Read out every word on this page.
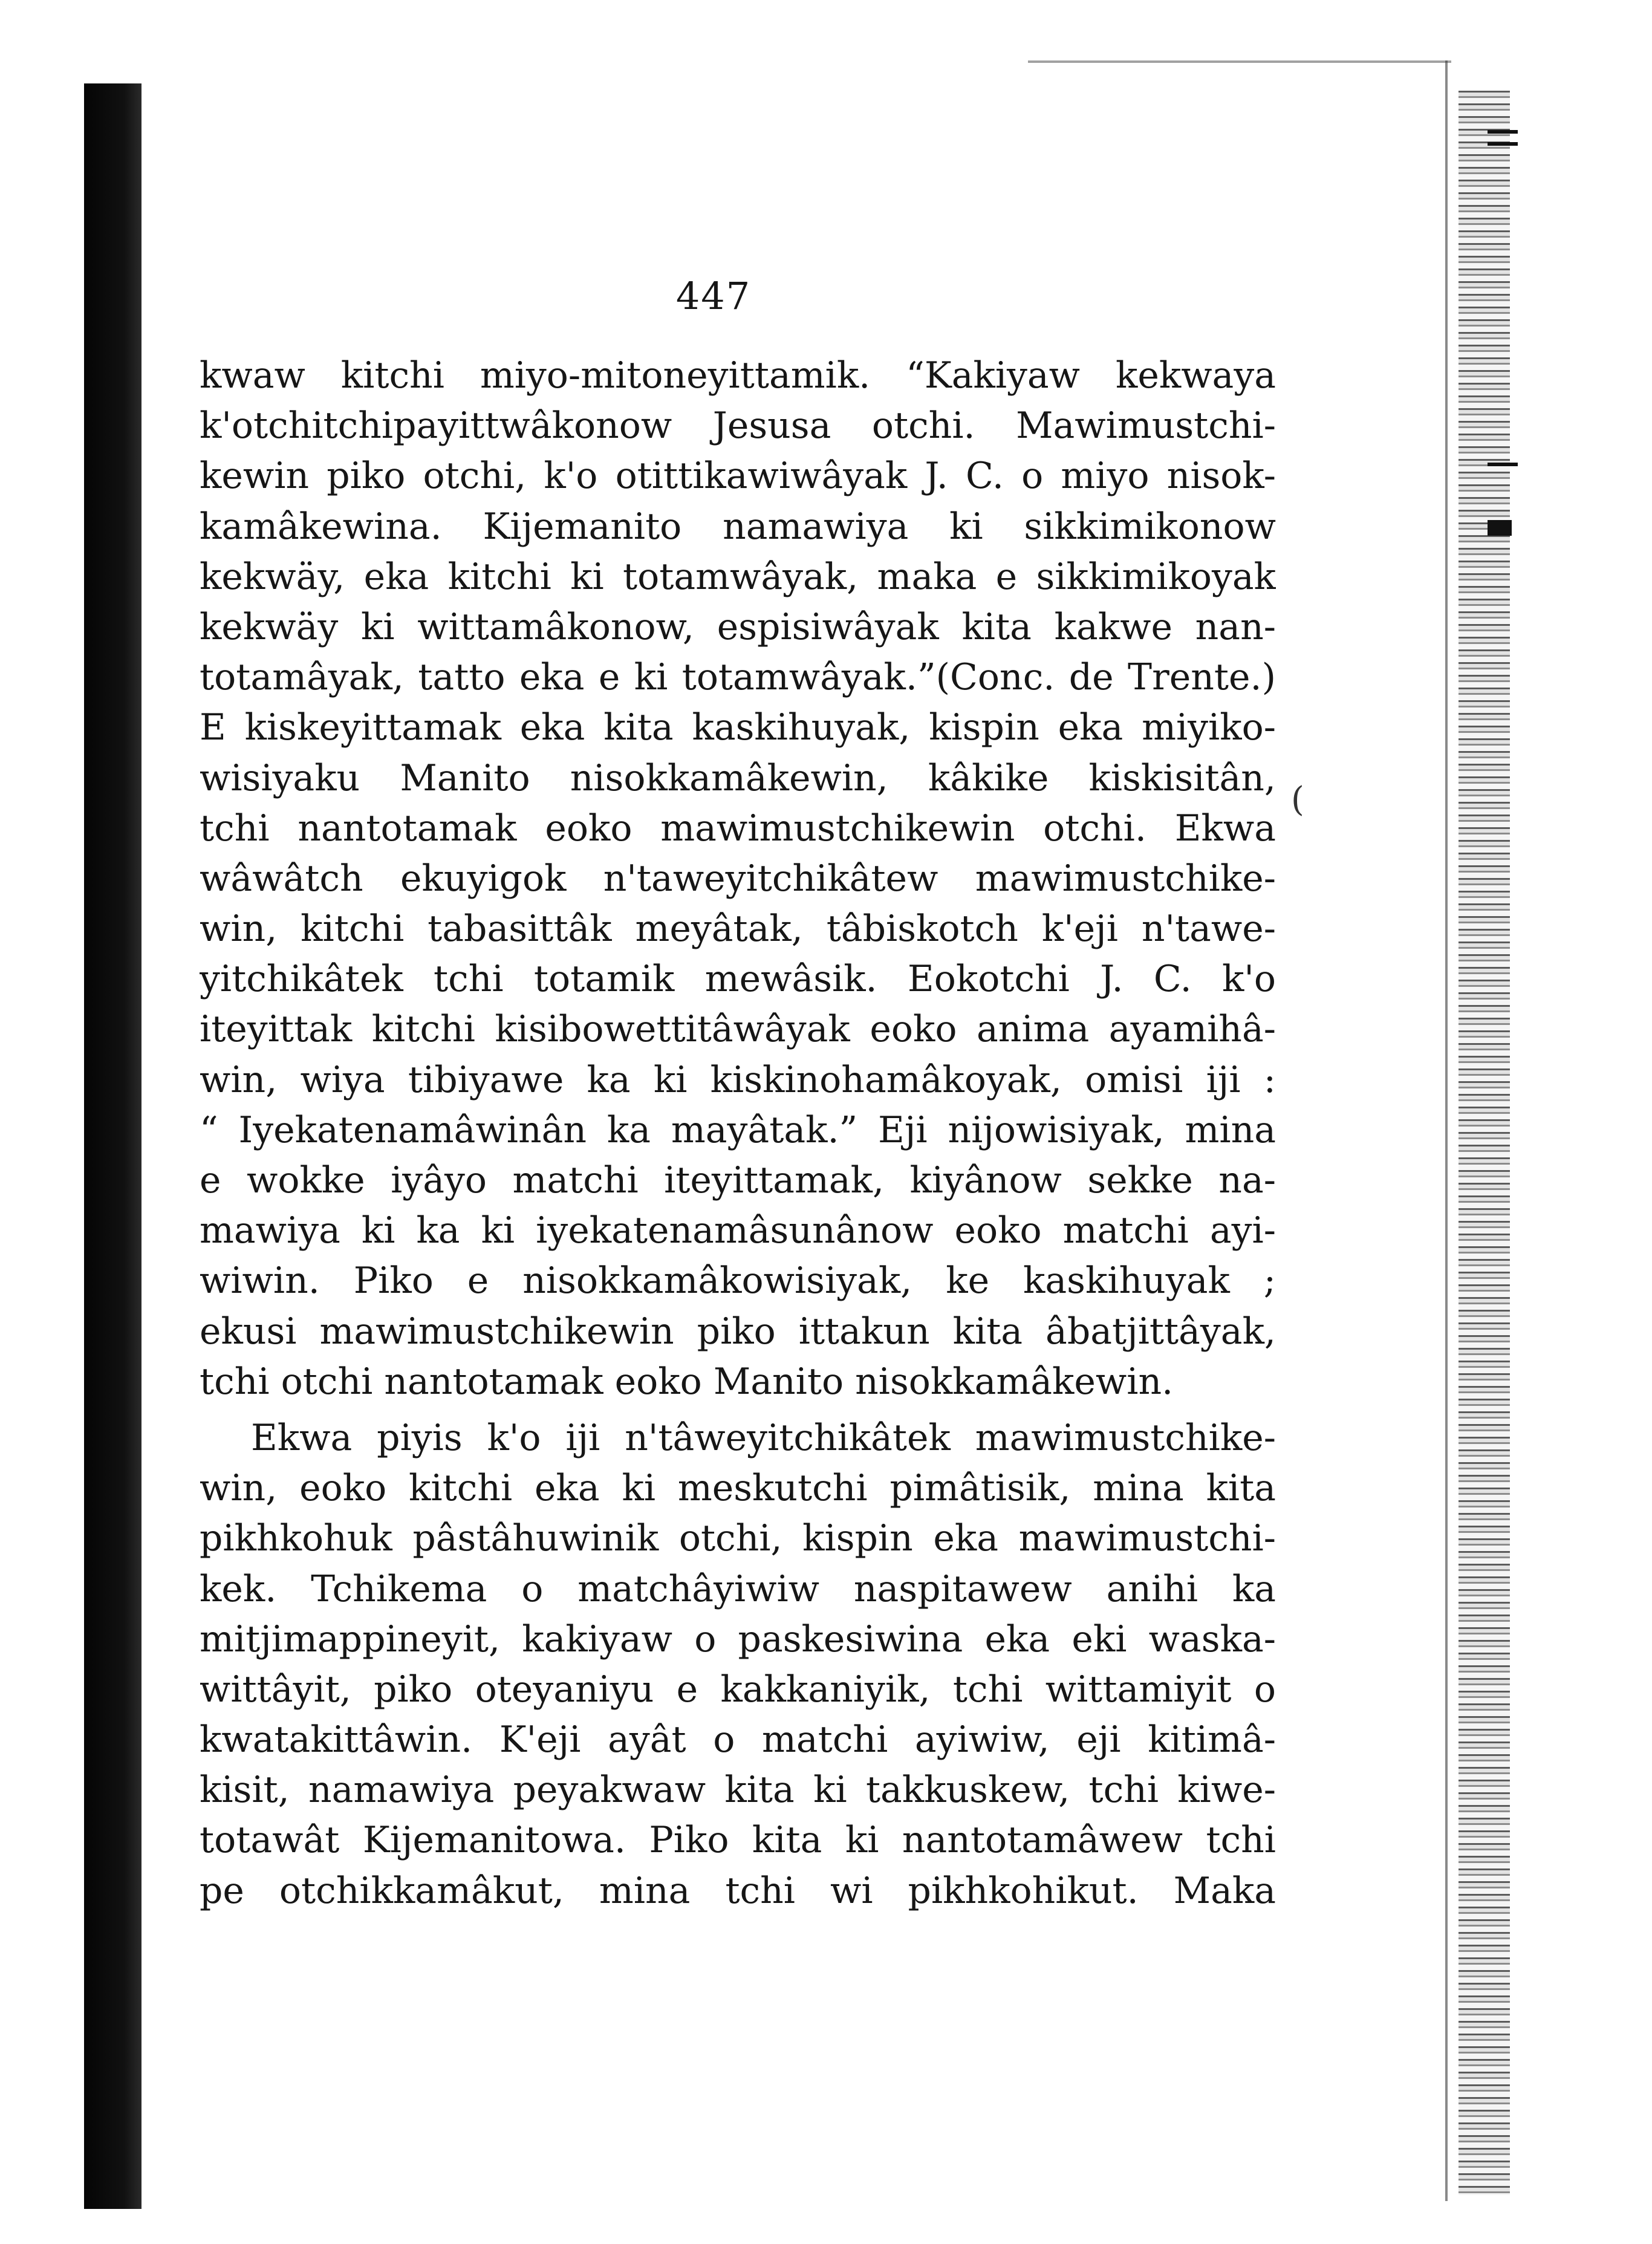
447
kwaw kitchi miyo-mitoneyittamik. “Kakiyaw kekwaya
k'otchitchipayittwâkonow Jesusa otchi. Mawimustchi-
kewin piko otchi, k'o otittikawiwâyak J. C. o miyo nisok-
kamâkewina. Kijemanito namawiya ki sikkimikonow
kekwäy, eka kitchi ki totamwâyak, maka e sikkimikoyak
kekwäy ki wittamâkonow, espisiwâyak kita kakwe nan-
totamâyak, tatto eka e ki totamwâyak.”(Conc. de Trente.)
E kiskeyittamak eka kita kaskihuyak, kispin eka miyiko-
wisiyaku Manito nisokkamâkewin, kâkike kiskisitân,
tchi nantotamak eoko mawimustchikewin otchi. Ekwa
wâwâtch ekuyigok n'taweyitchikâtew mawimustchike-
win, kitchi tabasittâk meyâtak, tâbiskotch k'eji n'tawe-
yitchikâtek tchi totamik mewâsik. Eokotchi J. C. k'o
iteyittak kitchi kisibowettitâwâyak eoko anima ayamihâ-
win, wiya tibiyawe ka ki kiskinohamâkoyak, omisi iji :
“ Iyekatenamâwinân ka mayâtak.” Eji nijowisiyak, mina
e wokke iyâyo matchi iteyittamak, kiyânow sekke na-
mawiya ki ka ki iyekatenamâsunânow eoko matchi ayi-
wiwin. Piko e nisokkamâkowisiyak, ke kaskihuyak ;
ekusi mawimustchikewin piko ittakun kita âbatjittâyak,
tchi otchi nantotamak eoko Manito nisokkamâkewin.
Ekwa piyis k'o iji n'tâweyitchikâtek mawimustchike-
win, eoko kitchi eka ki meskutchi pimâtisik, mina kita
pikhkohuk pâstâhuwinik otchi, kispin eka mawimustchi-
kek. Tchikema o matchâyiwiw naspitawew anihi ka
mitjimappineyit, kakiyaw o paskesiwina eka eki waska-
wittâyit, piko oteyaniyu e kakkaniyik, tchi wittamiyit o
kwatakittâwin. K'eji ayât o matchi ayiwiw, eji kitimâ-
kisit, namawiya peyakwaw kita ki takkuskew, tchi kiwe-
totawât Kijemanitowa. Piko kita ki nantotamâwew tchi
pe otchikkamâkut, mina tchi wi pikhkohikut. Maka
(
